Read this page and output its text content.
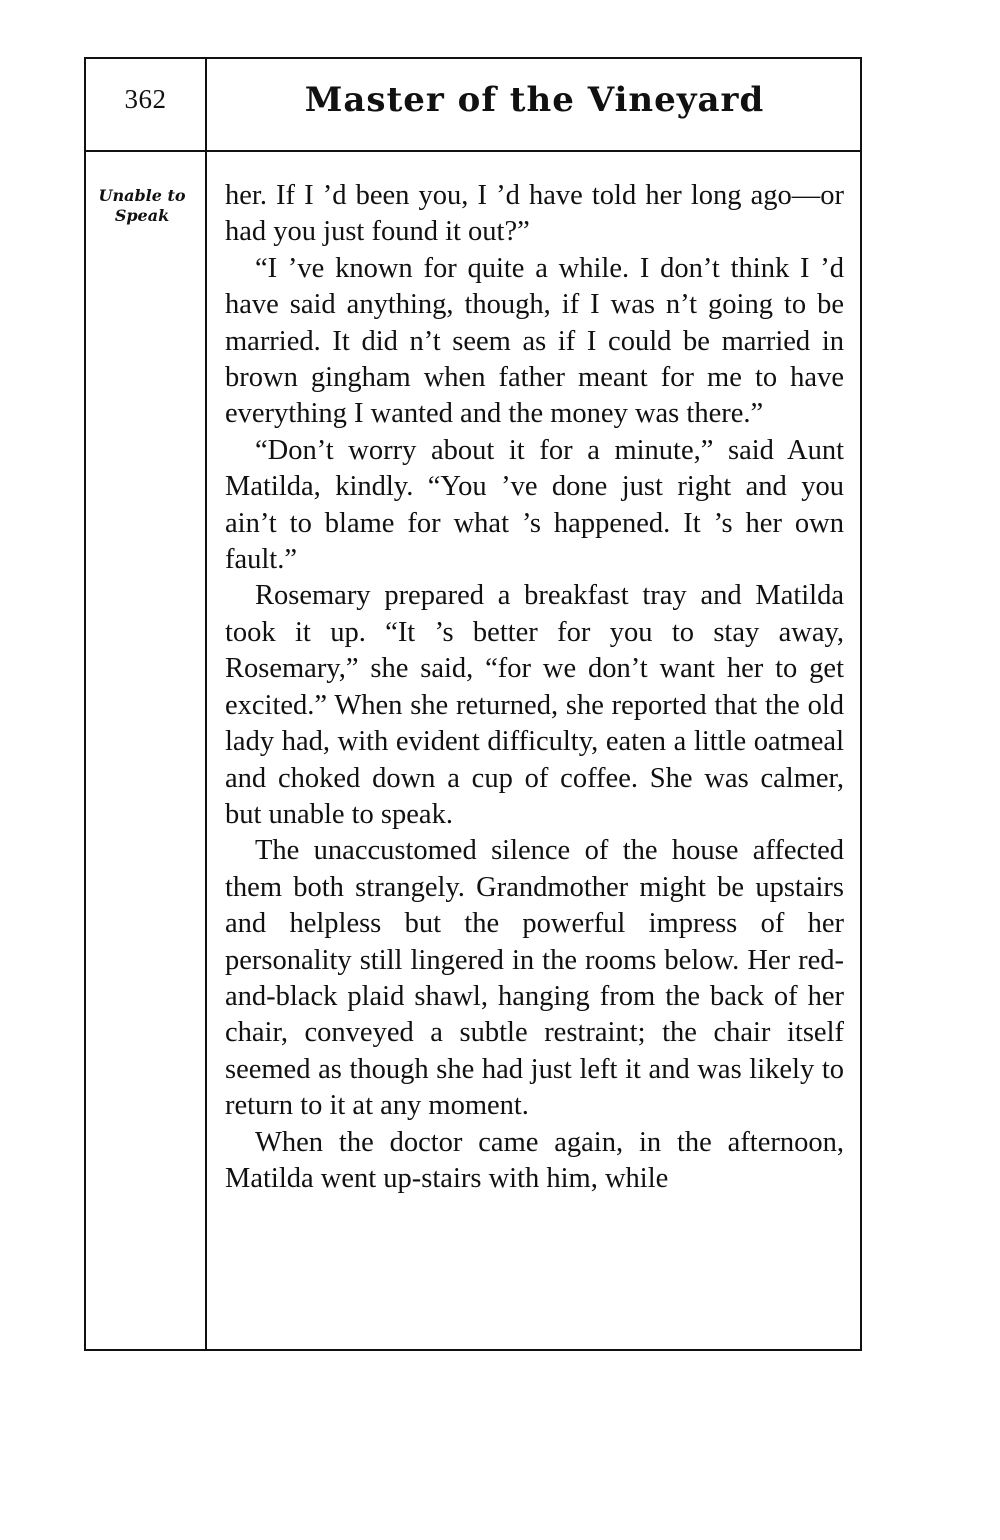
362	Master of the Vineyard
Unable to
Speak

her. If I ’d been you, I ’d have told her long ago—or had you just found it out?”

“I ’ve known for quite a while. I don’t think I ’d have said anything, though, if I was n’t going to be married. It did n’t seem as if I could be married in brown gingham when father meant for me to have everything I wanted and the money was there.”

“Don’t worry about it for a minute,” said Aunt Matilda, kindly. “You ’ve done just right and you ain’t to blame for what ’s happened. It ’s her own fault.”

Rosemary prepared a breakfast tray and Matilda took it up. “It ’s better for you to stay away, Rosemary,” she said, “for we don’t want her to get excited.” When she returned, she reported that the old lady had, with evident difficulty, eaten a little oatmeal and choked down a cup of coffee. She was calmer, but unable to speak.

The unaccustomed silence of the house affected them both strangely. Grandmother might be upstairs and helpless but the powerful impress of her personality still lingered in the rooms below. Her red-and-black plaid shawl, hanging from the back of her chair, conveyed a subtle restraint; the chair itself seemed as though she had just left it and was likely to return to it at any moment.

When the doctor came again, in the afternoon, Matilda went up-stairs with him, while
